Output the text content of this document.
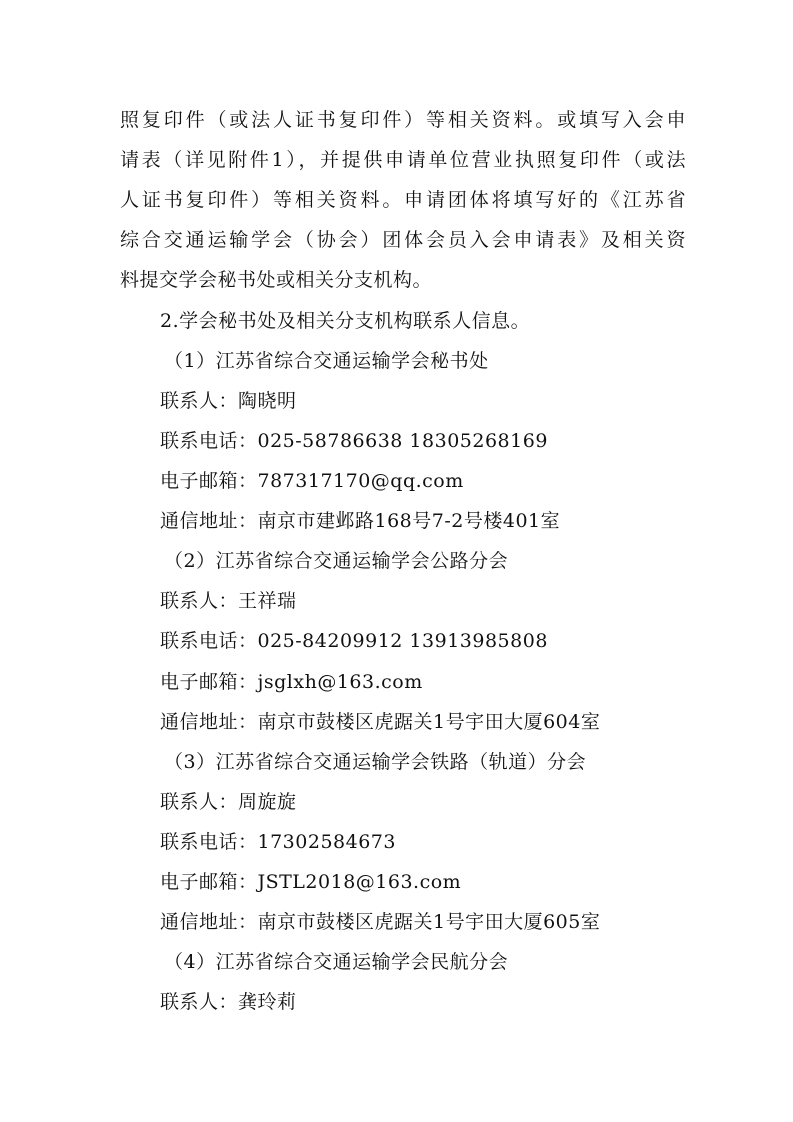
照复印件（或法人证书复印件）等相关资料。或填写入会申
请表（详见附件1），并提供申请单位营业执照复印件（或法
人证书复印件）等相关资料。申请团体将填写好的《江苏省
综合交通运输学会（协会）团体会员入会申请表》及相关资
料提交学会秘书处或相关分支机构。
2.学会秘书处及相关分支机构联系人信息。
（1）江苏省综合交通运输学会秘书处
联系人：陶晓明
联系电话：025-58786638 18305268169
电子邮箱：787317170@qq.com
通信地址：南京市建邺路168号7-2号楼401室
（2）江苏省综合交通运输学会公路分会
联系人：王祥瑞
联系电话：025-84209912 13913985808
电子邮箱：jsglxh@163.com
通信地址：南京市鼓楼区虎踞关1号宇田大厦604室
（3）江苏省综合交通运输学会铁路（轨道）分会
联系人：周旋旋
联系电话：17302584673
电子邮箱：JSTL2018@163.com
通信地址：南京市鼓楼区虎踞关1号宇田大厦605室
（4）江苏省综合交通运输学会民航分会
联系人：龚玲莉
